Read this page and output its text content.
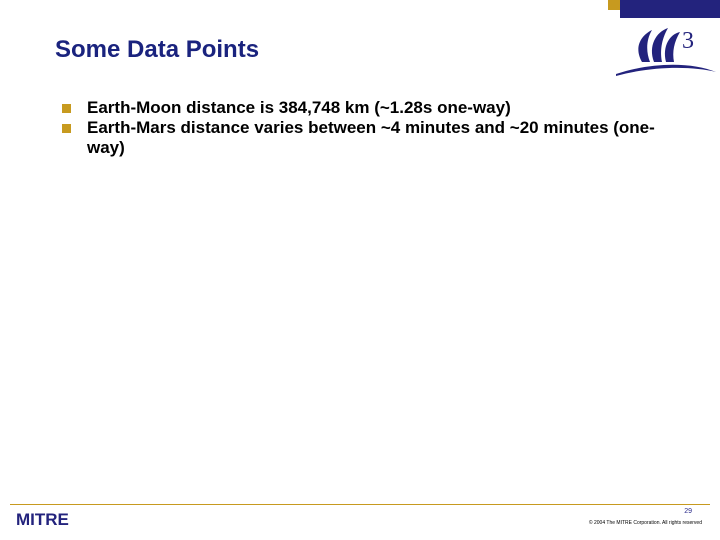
3
Some Data Points
Earth-Moon distance is 384,748 km (~1.28s one-way)
Earth-Mars distance varies between ~4 minutes and ~20 minutes (one-way)
MITRE	29
© 2004 The MITRE Corporation. All rights reserved
